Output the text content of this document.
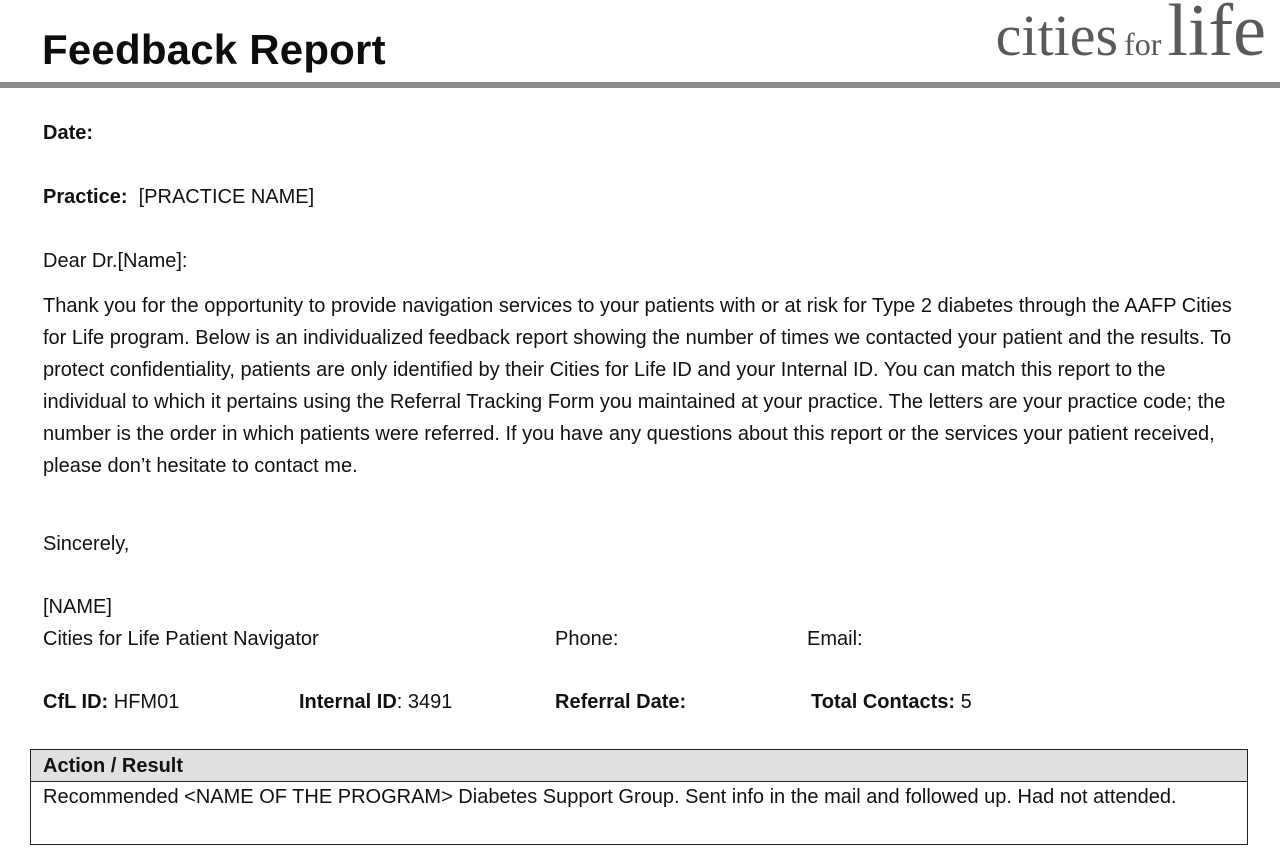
Feedback Report	cities forlife
Date:
Practice: [PRACTICE NAME]
Dear Dr.[Name]:

Thank you for the opportunity to provide navigation services to your patients with or at risk for Type 2 diabetes through the AAFP Cities for Life program. Below is an individualized feedback report showing the number of times we contacted your patient and the results. To protect confidentiality, patients are only identified by their Cities for Life ID and your Internal ID. You can match this report to the individual to which it pertains using the Referral Tracking Form you maintained at your practice. The letters are your practice code; the number is the order in which patients were referred. If you have any questions about this report or the services your patient received, please don’t hesitate to contact me.

Sincerely,
[NAME]
Cities for Life Patient Navigator	Phone:	Email:
CfL ID: HFM01	Internal ID: 3491	Referral Date:	Total Contacts: 5
Action / Result
Recommended <NAME OF THE PROGRAM> Diabetes Support Group. Sent info in the mail and followed up. Had not attended.
